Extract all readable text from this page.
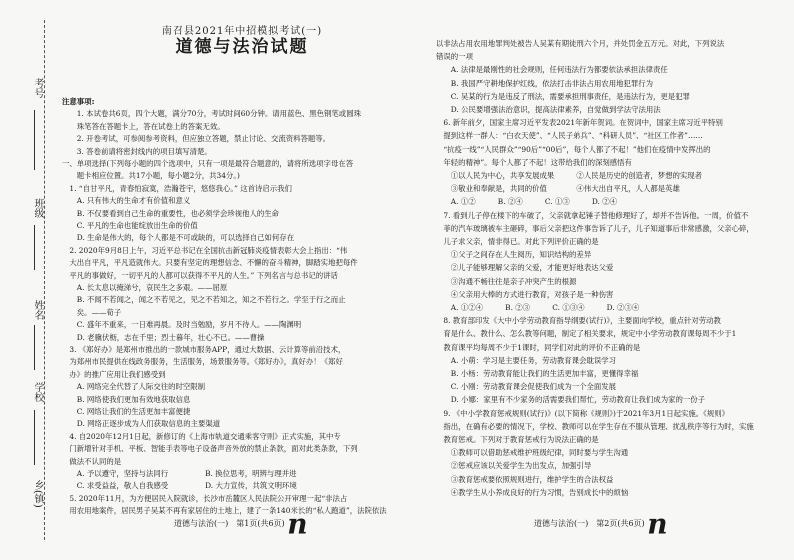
考号
班级
姓名
学校
乡(镇)
南召县2021年中招模拟考试(一)
道德与法治试题
注意事项:
　　1. 本试卷共6页，四个大题，满分70分，考试时间60分钟。请用蓝色、黑色钢笔或圆珠
　　珠笔答在答题卡上，答在试卷上的答案无效。
　　2. 开卷考试，可参阅参考资料，但应独立答题，禁止讨论、交流资料答题等。
　　3. 答卷前请将密封线内的项目填写清楚。
一、单项选择(下列每小题的四个选项中，只有一项是最符合题意的，请将所选项字母在答
　　题卡相应位置。共17小题，每小题2分，共34分。)
　1. “自甘平凡，青春怕寂寞，浩瀚苍宇，悠悠我心。” 这首诗启示我们
　　A. 只有伟大的生命才有价值和意义
　　B. 不仅要看到自己生命的重要性，也必须学会珍视他人的生命
　　C. 平凡的生命也能绽放出生命的价值
　　D. 生命是伟大的，每个人都是不可或缺的，可以选择自己如何存在
　2. 2020年9月8日上午，习近平总书记在全国抗击新冠肺炎疫情表彰大会上指出：“伟
　大出自平凡，平凡造就伟大。只要有坚定的理想信念、不懈的奋斗精神，脚踏实地把每件
　平凡的事做好，一切平凡的人都可以获得不平凡的人生。” 下列名言与总书记的讲话
　　A. 长太息以掩涕兮，哀民生之多艰。——屈原
　　B. 不闻不若闻之，闻之不若见之，见之不若知之，知之不若行之。学至于行之而止
　　矣。——荀子
　　C. 盛年不重来，一日难再晨。及时当勉励，岁月不待人。——陶渊明
　　D. 老骥伏枥，志在千里；烈士暮年，壮心不已。——曹操
　3. 《郑好办》是郑州市推出的一款城市服务APP，通过大数据、云计算等前沿技术，
　为郑州市民提供在线政务服务，生活服务，场景服务等。《郑好办》，真好办！《郑好
　办》的推广应用让我们感受到
　　A. 网络完全代替了人际交往的时空限制
　　B. 网络使我们更加有效地获取信息
　　C. 网络让我们的生活更加丰富便捷
　　D. 网络正逐步成为人们获取信息的主要渠道
　4. 自2020年12月1日起，新修订的《上海市轨道交通乘客守则》正式实施，其中专
　门新增针对手机、平板、智能手表等电子设备声音外放的禁止条款，面对此类条款，下列
　做法不认同的是
　　A. 予以遵守，坚持与法同行　　　　　B. 换位思考，明辨与理并进
　　C. 求受益益，敬人自我感受　　　　　D. 大力宣传，共筑文明环境
　5. 2020年11月，为方便居民入院就诊，长沙市岳麓区人民法院公开审理一起“非法占
　用农用地案件，居民男子吴某不再有家居住的土地上，建了一条140米长的“私人跑道”，法院依法
道德与法治(一)　第1页(共6页) n
以非法占用农用地罪判处被告人吴某有期徒刑六个月，并处罚金五万元。对此，下列说法
错误的一项
　　A. 法律是最刚性的社会规则，任何违法行为都要依法承担法律责任
　　B. 我国严守耕地保护红线，依法打击非法占用农用地犯罪行为
　　C. 吴某的行为是违反了刑法，需要承担刑事责任，是违法行为，更是犯罪
　　D. 公民要增强法治意识，提高法律素养，自觉做到学法守法用法
　6. 新年前夕，国家主席习近平发表2021年新年贺词。在贺词中，国家主席习近平特别
　提到这样一群人：“白衣天使”、“人民子弟兵”、“科研人员”、“社区工作者”……
　“抗疫一线”“人民群众”“90后”“00后”，每个人都了不起！”他们在疫情中发挥出的
　年轻的精神”。每个人都了不起！这带给我们的深刻感悟有
　　①以人民为中心，共享发展成果　　　②人民是历史的创造者，梦想的实现者
　　③敬业和奉献是，共同的价值　　　　④伟大出自平凡，人人都是英雄
　　A. ①②　　　B. ②④　　　C. ①③　　　D. ②④
　7. 看到儿子停在楼下的车破了，父亲就拿起锤子替他修理好了，却并不告诉他。一周，价值不
　菲的汽车玻璃被车主砸碎，事后父亲把这件事告诉了儿子，儿子知道事后非常感激，父亲心碎，
　儿子求父亲，情非得已。对此下列评价正确的是
　　①父子之间存在人生阅历，知识结构的差异
　　②儿子能够理解父亲的父爱，才能更好地表达父爱
　　③沟通不畅往往是亲子冲突产生的根源
　　④父亲用大棒的方式进行教育，对孩子是一种伤害
　　A. ①②④　　　B. ②③　　　C. ①③④　　　D. ②③④
　8. 教育部印发《大中小学劳动教育指导纲要(试行)》，主要面向学校，重点针对劳动教
　育是什么、教什么、怎么教等问题，制定了相关要求，规定中小学劳动教育课每周不少于1
　教育课平均每周不少于1课时，同学们对此的评价不正确的是
　　A. 小萌：学习是主要任务，劳动教育课会耽误学习
　　B. 小杨：劳动教育能让我们的生活更加丰富，更懂得幸福
　　C. 小刚：劳动教育课会促使我们成为一个全面发展
　　D. 小娜：家里有不少家务的活需要我们帮忙，劳动教育让我们成为家的一份子
　9. 《中小学教育惩戒规则(试行)》(以下简称《规则》)于2021年3月1日起实施。《规则》
　指出，在确有必要的情况下，学校、教师可以在学生存在不服从管理、扰乱秩序等行为时，实施
　教育惩戒。下列对于教育惩戒行为说法正确的是
　　①教师可以借助惩戒维护班级纪律，同时要与学生沟通
　　②惩戒应该以关爱学生为出发点，加强引导
　　③教育惩戒要依照规则进行，维护学生的合法权益
　　④教学生从小养成良好的行为习惯，告别成长中的烦恼
道德与法治(一)　第2页(共6页) n
